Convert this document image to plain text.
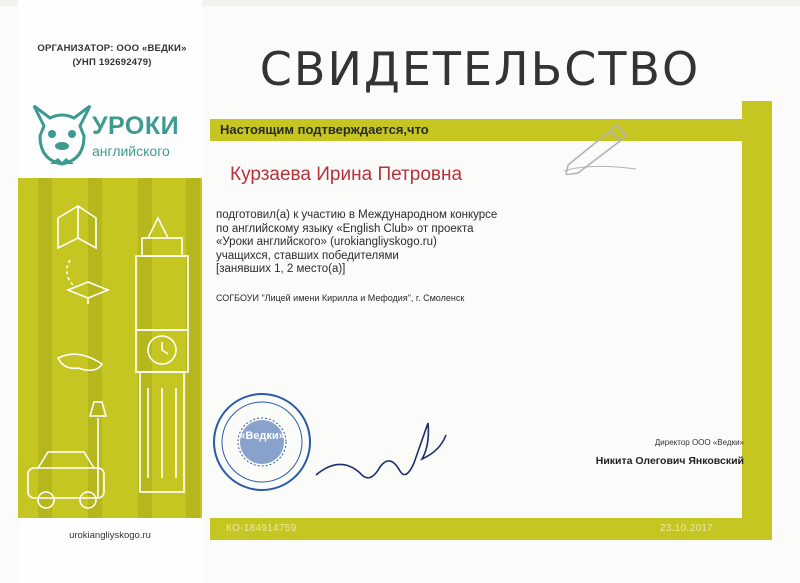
ОРГАНИЗАТОР: ООО «ВЕДКИ»
(УНП 192692479)
УРОКИ
английского
urokiangliyskogo.ru
СВИДЕТЕЛЬСТВО
Настоящим подтверждается,что
Курзаева Ирина Петровна
подготовил(а) к участию в Международном конкурсе
по английскому языку «English Club» от проекта
«Уроки английского» (urokiangliyskogo.ru)
учащихся, ставших победителями
[занявших 1, 2 место(а)]
СОГБОУИ "Лицей имени Кирилла и Мефодия", г. Смоленск
«Ведки»
Директор ООО «Ведки»
Никита Олегович Янковский
КО-184914759	23.10.2017
